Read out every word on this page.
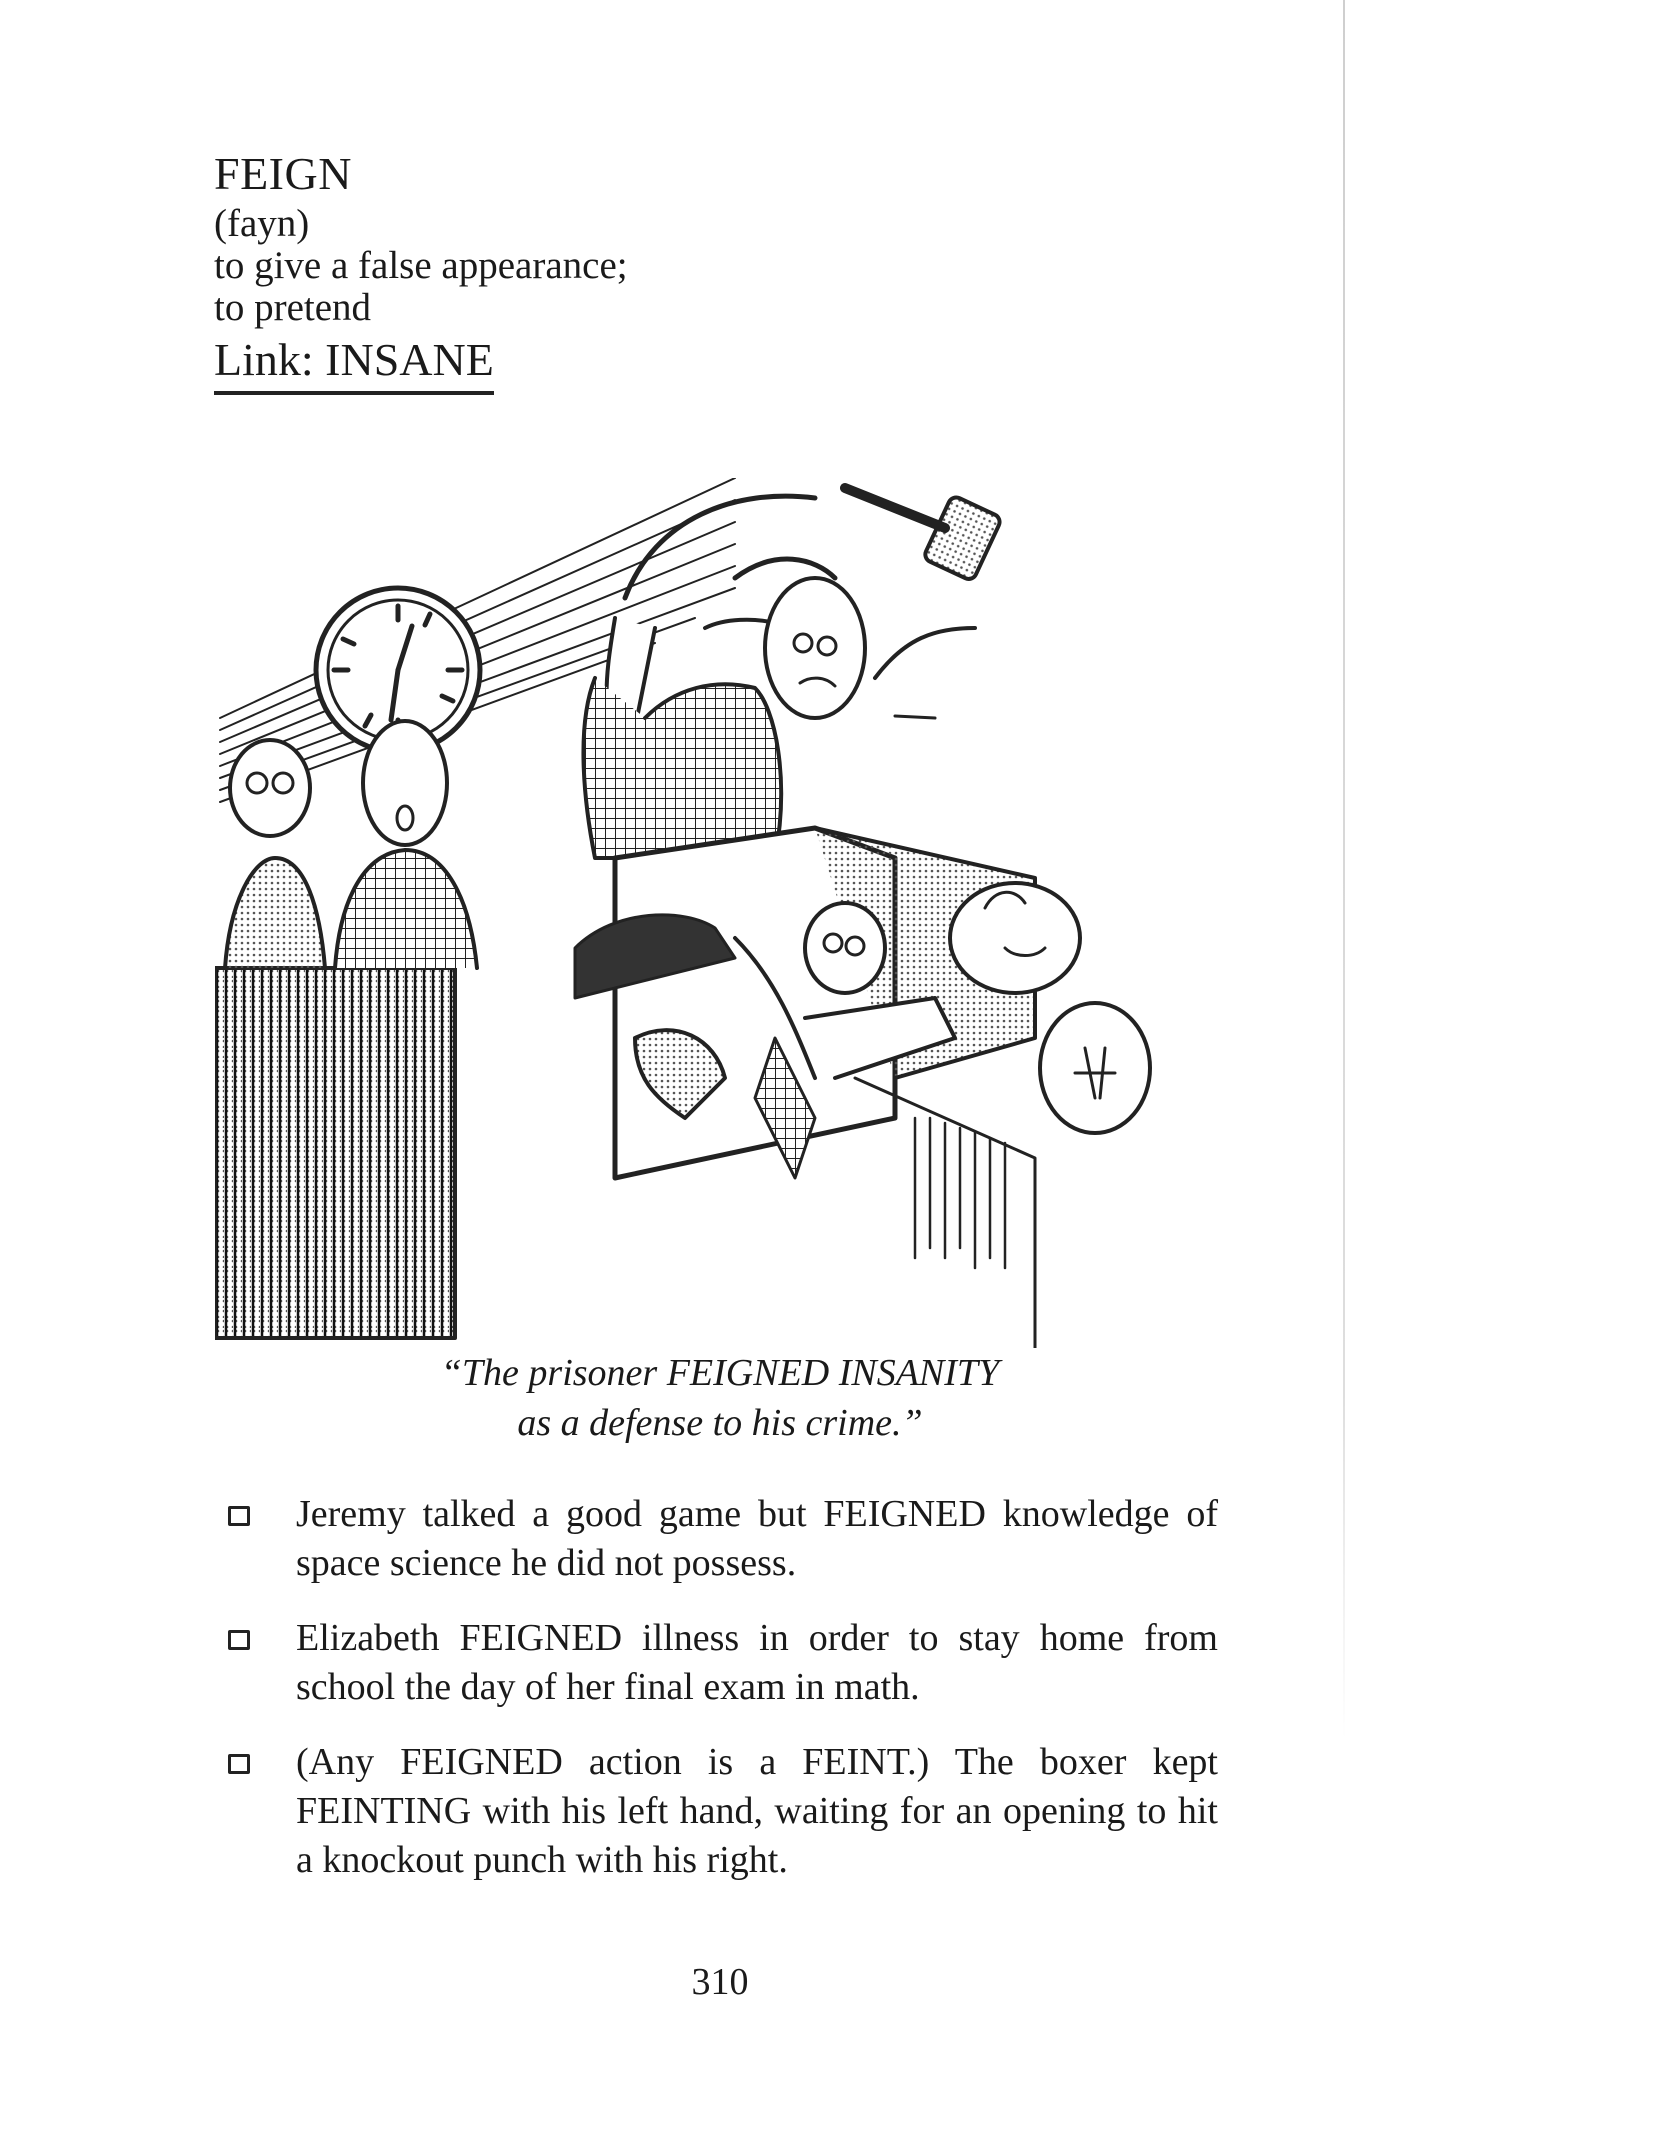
FEIGN
(fayn)
to give a false appearance;
to pretend
Link: INSANE
“The prisoner FEIGNED INSANITY
as a defense to his crime.”
Jeremy talked a good game but FEIGNED knowledge of space science he did not possess.
Elizabeth FEIGNED illness in order to stay home from school the day of her final exam in math.
(Any FEIGNED action is a FEINT.) The boxer kept FEINTING with his left hand, waiting for an opening to hit a knockout punch with his right.
310
